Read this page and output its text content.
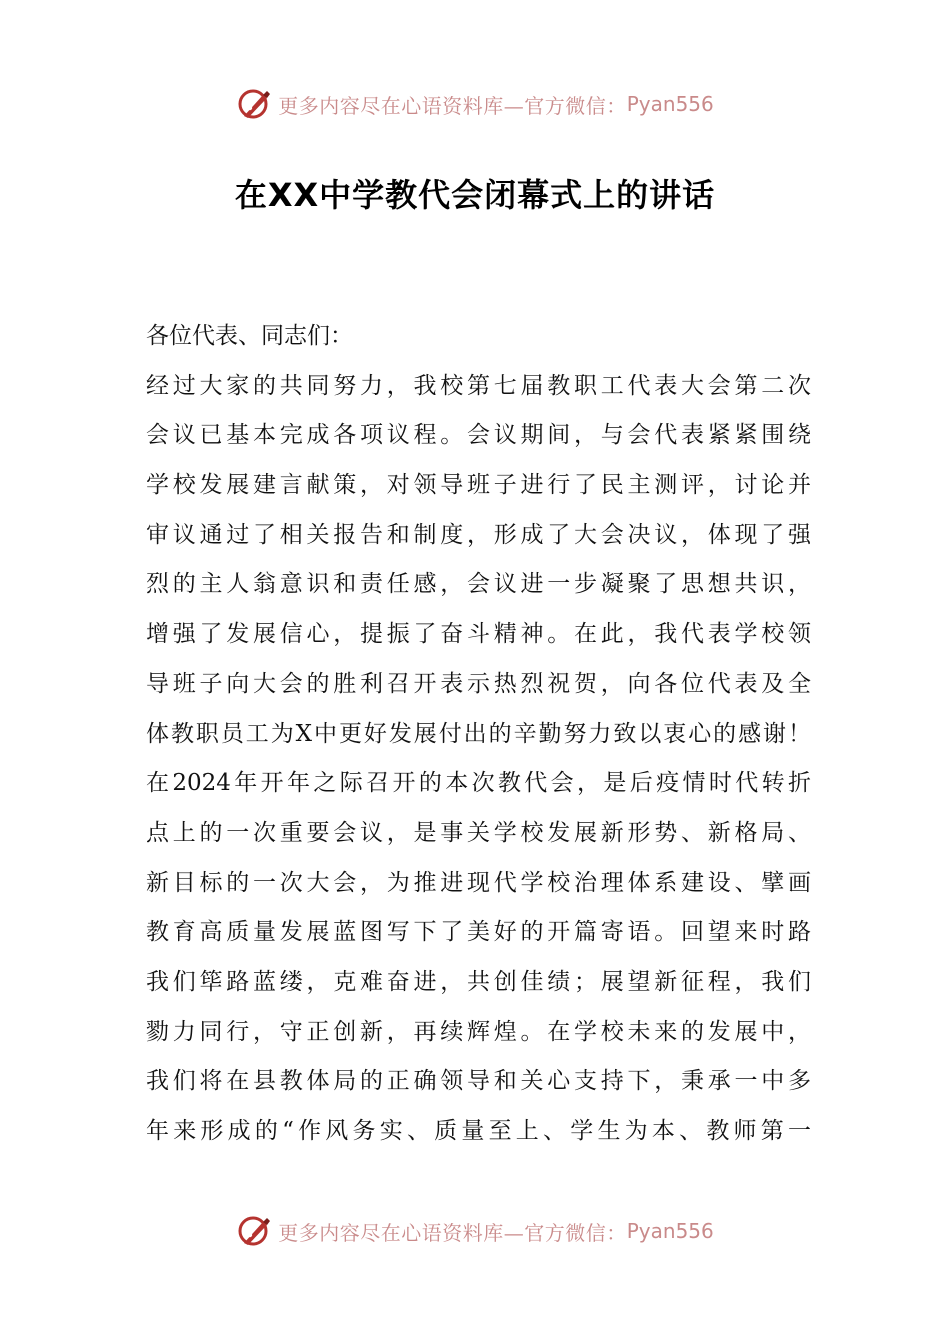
更多内容尽在心语资料库—官方微信： Pyan556
在XX中学教代会闭幕式上的讲话
各位代表、同志们：
经过大家的共同努力，我校第七届教职工代表大会第二次
会议已基本完成各项议程。会议期间，与会代表紧紧围绕
学校发展建言献策，对领导班子进行了民主测评，讨论并
审议通过了相关报告和制度，形成了大会决议，体现了强
烈的主人翁意识和责任感，会议进一步凝聚了思想共识，
增强了发展信心，提振了奋斗精神。在此，我代表学校领
导班子向大会的胜利召开表示热烈祝贺，向各位代表及全
体教职员工为X中更好发展付出的辛勤努力致以衷心的感谢！
在2024年开年之际召开的本次教代会，是后疫情时代转折
点上的一次重要会议，是事关学校发展新形势、新格局、
新目标的一次大会，为推进现代学校治理体系建设、擘画
教育高质量发展蓝图写下了美好的开篇寄语。回望来时路
我们筚路蓝缕，克难奋进，共创佳绩；展望新征程，我们
勠力同行，守正创新，再续辉煌。在学校未来的发展中，
我们将在县教体局的正确领导和关心支持下，秉承一中多
年来形成的“作风务实、质量至上、学生为本、教师第一
更多内容尽在心语资料库—官方微信： Pyan556
